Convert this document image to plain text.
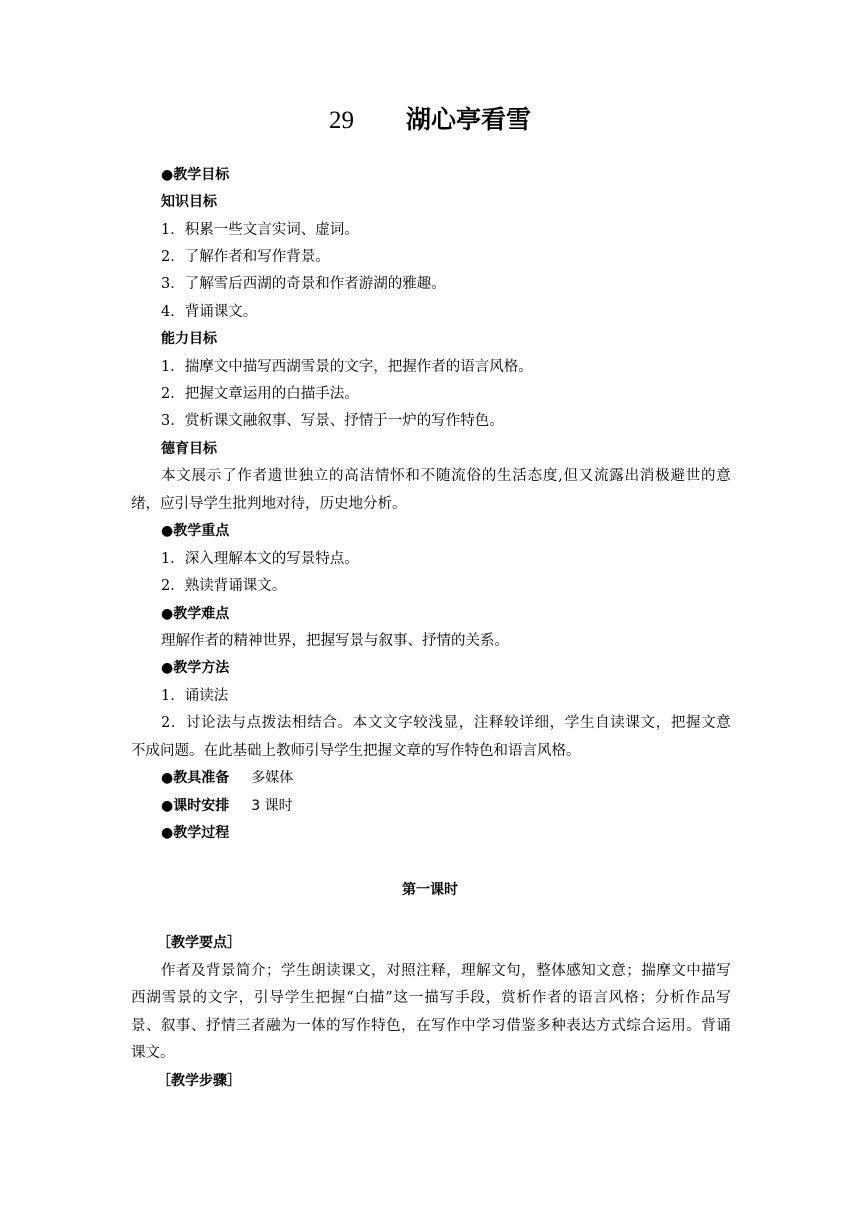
29 湖心亭看雪
●教学目标
知识目标
1．积累一些文言实词、虚词。
2．了解作者和写作背景。
3．了解雪后西湖的奇景和作者游湖的雅趣。
4．背诵课文。
能力目标
1．揣摩文中描写西湖雪景的文字，把握作者的语言风格。
2．把握文章运用的白描手法。
3．赏析课文融叙事、写景、抒情于一炉的写作特色。
德育目标
本文展示了作者遗世独立的高洁情怀和不随流俗的生活态度,但又流露出消极避世的意
绪，应引导学生批判地对待，历史地分析。
●教学重点
1．深入理解本文的写景特点。
2．熟读背诵课文。
●教学难点
理解作者的精神世界，把握写景与叙事、抒情的关系。
●教学方法
1．诵读法
2．讨论法与点拨法相结合。本文文字较浅显，注释较详细，学生自读课文，把握文意
不成问题。在此基础上教师引导学生把握文章的写作特色和语言风格。
●教具准备 多媒体
●课时安排 3 课时
●教学过程
第一课时
［教学要点］
作者及背景简介；学生朗读课文，对照注释，理解文句，整体感知文意；揣摩文中描写
西湖雪景的文字，引导学生把握“白描”这一描写手段，赏析作者的语言风格；分析作品写
景、叙事、抒情三者融为一体的写作特色，在写作中学习借鉴多种表达方式综合运用。背诵
课文。
［教学步骤］
